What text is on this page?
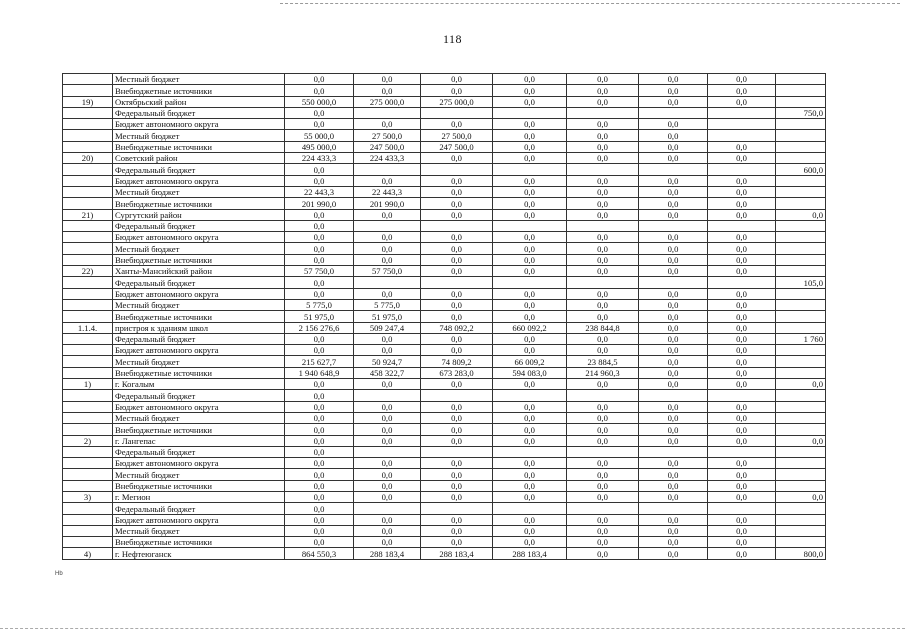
118
	Местный бюджет	0,0	0,0	0,0	0,0	0,0	0,0	0,0	
	Внебюджетные источники	0,0	0,0	0,0	0,0	0,0	0,0	0,0	
19)	Октябрьский район	550 000,0	275 000,0	275 000,0	0,0	0,0	0,0	0,0	
	Федеральный бюджет	0,0							750,0
	Бюджет автономного округа	0,0	0,0	0,0	0,0	0,0	0,0		
	Местный бюджет	55 000,0	27 500,0	27 500,0	0,0	0,0	0,0		
	Внебюджетные источники	495 000,0	247 500,0	247 500,0	0,0	0,0	0,0	0,0	
20)	Советский район	224 433,3	224 433,3	0,0	0,0	0,0	0,0	0,0	
	Федеральный бюджет	0,0							600,0
	Бюджет автономного округа	0,0	0,0	0,0	0,0	0,0	0,0	0,0	
	Местный бюджет	22 443,3	22 443,3	0,0	0,0	0,0	0,0	0,0	
	Внебюджетные источники	201 990,0	201 990,0	0,0	0,0	0,0	0,0	0,0	
21)	Сургутский район	0,0	0,0	0,0	0,0	0,0	0,0	0,0	0,0
	Федеральный бюджет	0,0							
	Бюджет автономного округа	0,0	0,0	0,0	0,0	0,0	0,0	0,0	
	Местный бюджет	0,0	0,0	0,0	0,0	0,0	0,0	0,0	
	Внебюджетные источники	0,0	0,0	0,0	0,0	0,0	0,0	0,0	
22)	Ханты-Мансийский район	57 750,0	57 750,0	0,0	0,0	0,0	0,0	0,0	
	Федеральный бюджет	0,0							105,0
	Бюджет автономного округа	0,0	0,0	0,0	0,0	0,0	0,0	0,0	
	Местный бюджет	5 775,0	5 775,0	0,0	0,0	0,0	0,0	0,0	
	Внебюджетные источники	51 975,0	51 975,0	0,0	0,0	0,0	0,0	0,0	
1.1.4.	пристроя к зданиям школ	2 156 276,6	509 247,4	748 092,2	660 092,2	238 844,8	0,0	0,0	
	Федеральный бюджет	0,0	0,0	0,0	0,0	0,0	0,0	0,0	1 760
	Бюджет автономного округа	0,0	0,0	0,0	0,0	0,0	0,0	0,0	
	Местный бюджет	215 627,7	50 924,7	74 809,2	66 009,2	23 884,5	0,0	0,0	
	Внебюджетные источники	1 940 648,9	458 322,7	673 283,0	594 083,0	214 960,3	0,0	0,0	
1)	г. Когалым	0,0	0,0	0,0	0,0	0,0	0,0	0,0	0,0
	Федеральный бюджет	0,0							
	Бюджет автономного округа	0,0	0,0	0,0	0,0	0,0	0,0	0,0	
	Местный бюджет	0,0	0,0	0,0	0,0	0,0	0,0	0,0	
	Внебюджетные источники	0,0	0,0	0,0	0,0	0,0	0,0	0,0	
2)	г. Лангепас	0,0	0,0	0,0	0,0	0,0	0,0	0,0	0,0
	Федеральный бюджет	0,0							
	Бюджет автономного округа	0,0	0,0	0,0	0,0	0,0	0,0	0,0	
	Местный бюджет	0,0	0,0	0,0	0,0	0,0	0,0	0,0	
	Внебюджетные источники	0,0	0,0	0,0	0,0	0,0	0,0	0,0	
3)	г. Мегион	0,0	0,0	0,0	0,0	0,0	0,0	0,0	0,0
	Федеральный бюджет	0,0							
	Бюджет автономного округа	0,0	0,0	0,0	0,0	0,0	0,0	0,0	
	Местный бюджет	0,0	0,0	0,0	0,0	0,0	0,0	0,0	
	Внебюджетные источники	0,0	0,0	0,0	0,0	0,0	0,0	0,0	
4)	г. Нефтеюганск	864 550,3	288 183,4	288 183,4	288 183,4	0,0	0,0	0,0	800,0
Hb
